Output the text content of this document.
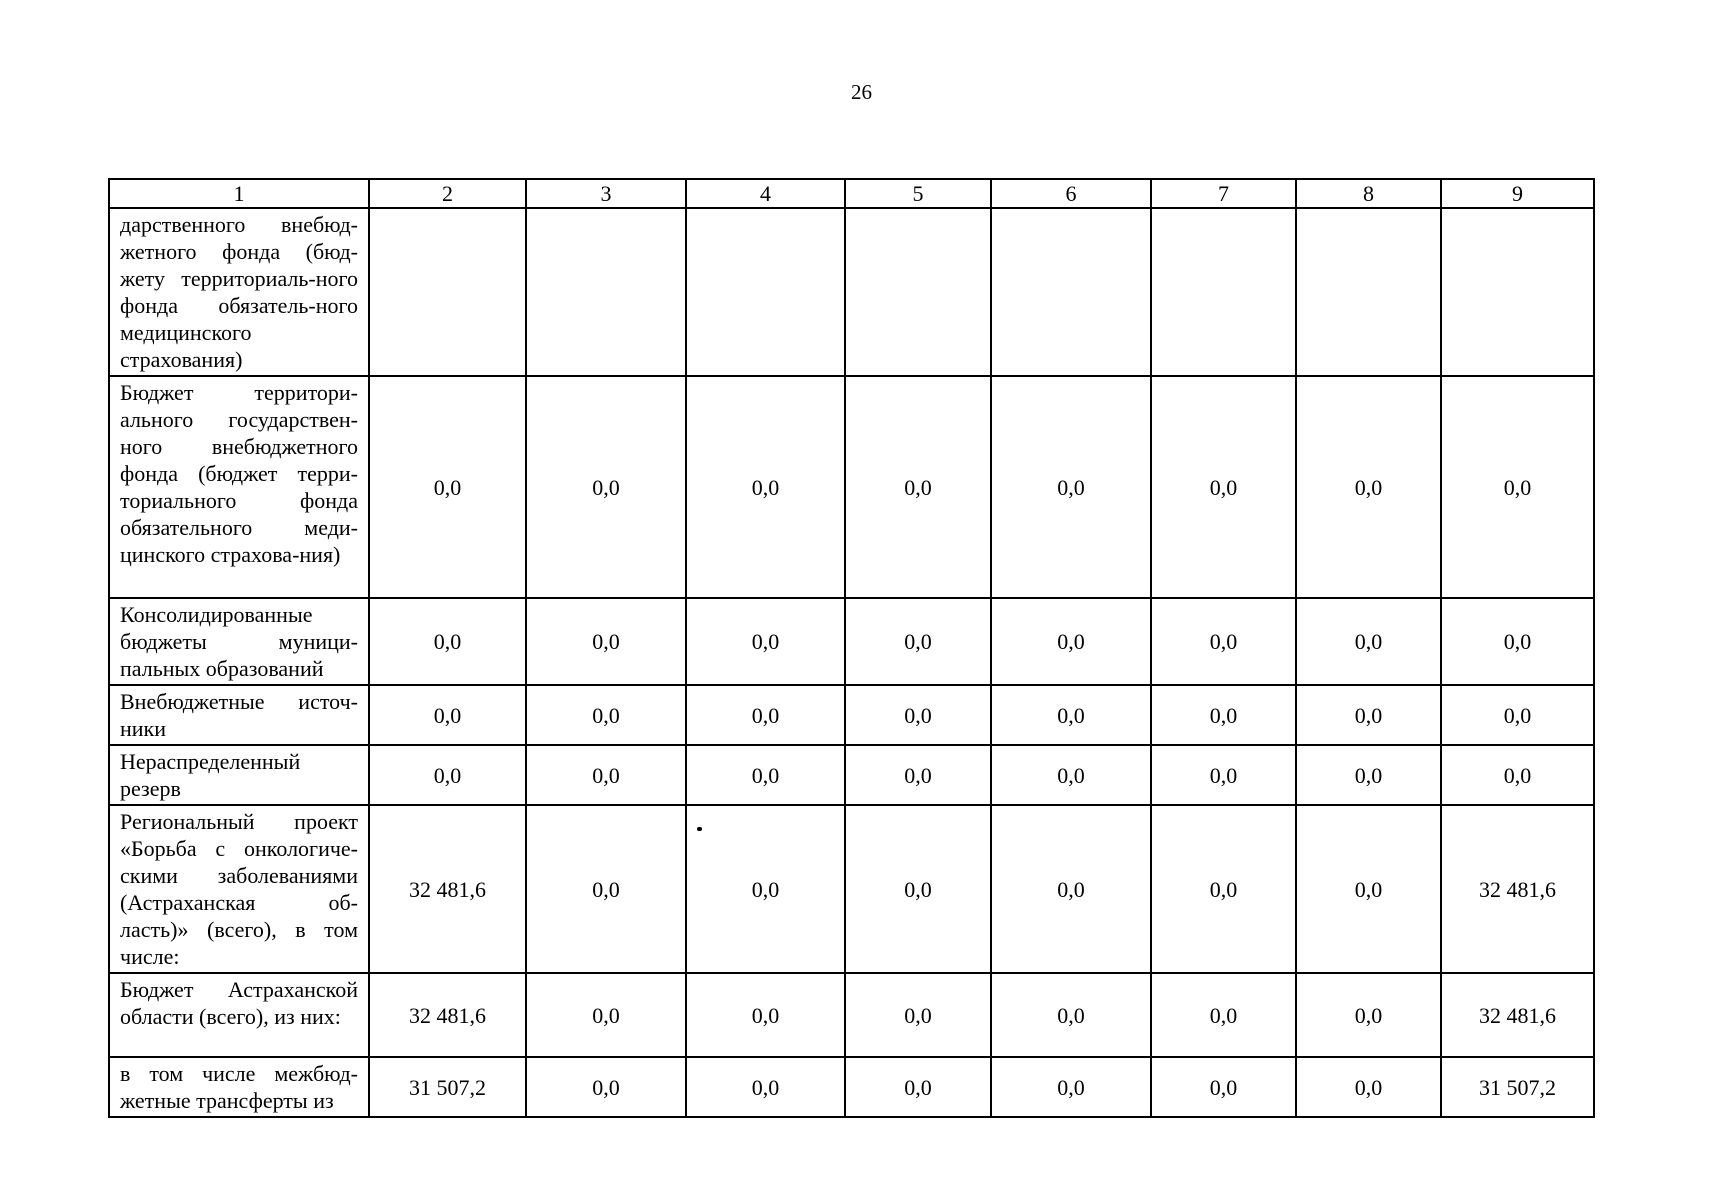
26
1	2	3	4	5	6	7	8	9

дарственного внебюд-жетного фонда (бюд-жету территориаль-ного фонда обязатель-ного медицинского страхования)								

Бюджет территори-ального государствен-ного внебюджетного фонда (бюджет терри-ториального фонда обязательного меди-цинского страхова-ния)	0,0	0,0	0,0	0,0	0,0	0,0	0,0	0,0

Консолидированные бюджеты муници-пальных образований	0,0	0,0	0,0	0,0	0,0	0,0	0,0	0,0

Внебюджетные источ-ники	0,0	0,0	0,0	0,0	0,0	0,0	0,0	0,0

Нераспределенный резерв	0,0	0,0	0,0	0,0	0,0	0,0	0,0	0,0

Региональный проект «Борьба с онкологиче-скими заболеваниями (Астраханская об-ласть)» (всего), в том числе:	32 481,6	0,0	0,0	0,0	0,0	0,0	0,0	32 481,6

Бюджет Астраханской области (всего), из них:	32 481,6	0,0	0,0	0,0	0,0	0,0	0,0	32 481,6

в том числе межбюд-жетные трансферты из	31 507,2	0,0	0,0	0,0	0,0	0,0	0,0	31 507,2
